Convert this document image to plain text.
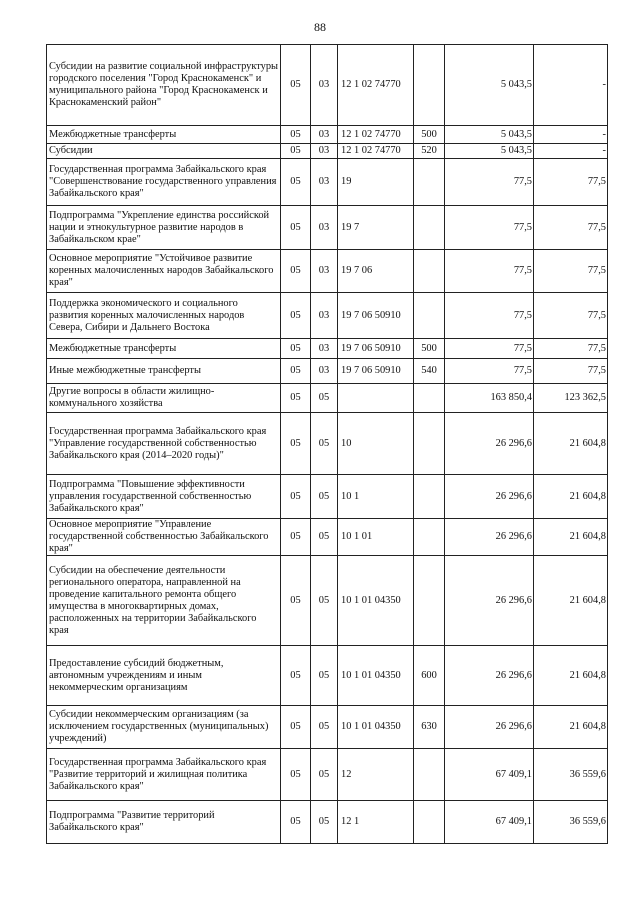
88
Субсидии на развитие социальной инфраструктуры городского поселения "Город Краснокаменск" и муниципального района "Город Краснокаменск и Краснокаменский район"	05	03	12 1 02 74770		5 043,5	-
Межбюджетные трансферты	05	03	12 1 02 74770	500	5 043,5	-
Субсидии	05	03	12 1 02 74770	520	5 043,5	-
Государственная программа Забайкальского края "Совершенствование государственного управления Забайкальского края"	05	03	19		77,5	77,5
Подпрограмма "Укрепление единства российской нации и этнокультурное развитие народов в Забайкальском крае"	05	03	19 7		77,5	77,5
Основное мероприятие "Устойчивое развитие коренных малочисленных народов Забайкальского края"	05	03	19 7 06		77,5	77,5
Поддержка экономического и социального развития коренных малочисленных народов Севера, Сибири и Дальнего Востока	05	03	19 7 06 50910		77,5	77,5
Межбюджетные трансферты	05	03	19 7 06 50910	500	77,5	77,5
Иные межбюджетные трансферты	05	03	19 7 06 50910	540	77,5	77,5
Другие вопросы в области жилищно-коммунального хозяйства	05	05			163 850,4	123 362,5
Государственная программа Забайкальского края "Управление государственной собственностью Забайкальского края (2014–2020 годы)"	05	05	10		26 296,6	21 604,8
Подпрограмма "Повышение эффективности управления государственной собственностью Забайкальского края"	05	05	10 1		26 296,6	21 604,8
Основное мероприятие "Управление государственной собственностью Забайкальского края"	05	05	10 1 01		26 296,6	21 604,8
Субсидии на обеспечение деятельности регионального оператора, направленной на проведение капитального ремонта общего имущества в многоквартирных домах, расположенных на территории Забайкальского края	05	05	10 1 01 04350		26 296,6	21 604,8
Предоставление субсидий бюджетным, автономным учреждениям и иным некоммерческим организациям	05	05	10 1 01 04350	600	26 296,6	21 604,8
Субсидии некоммерческим организациям (за исключением государственных (муниципальных) учреждений)	05	05	10 1 01 04350	630	26 296,6	21 604,8
Государственная программа Забайкальского края "Развитие территорий и жилищная политика Забайкальского края"	05	05	12		67 409,1	36 559,6
Подпрограмма "Развитие территорий Забайкальского края"	05	05	12 1		67 409,1	36 559,6
